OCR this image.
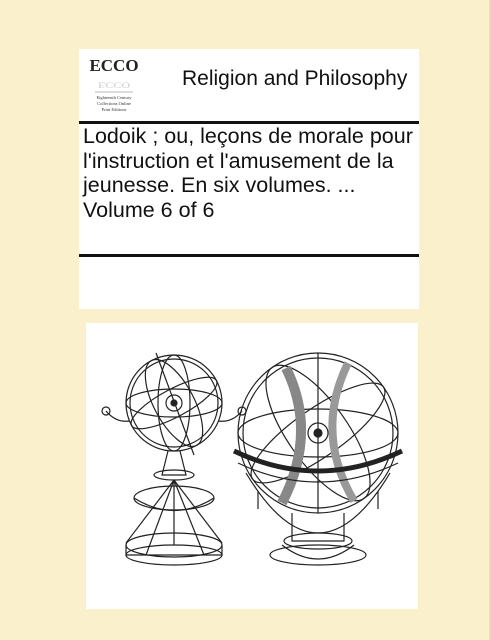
ECCO
ECCO
Eighteenth Century
Collections Online
Print Editions
Religion and Philosophy
Lodoik ; ou, leçons de morale pour l'instruction et l'amusement de la jeunesse. En six volumes. ... Volume 6 of 6
